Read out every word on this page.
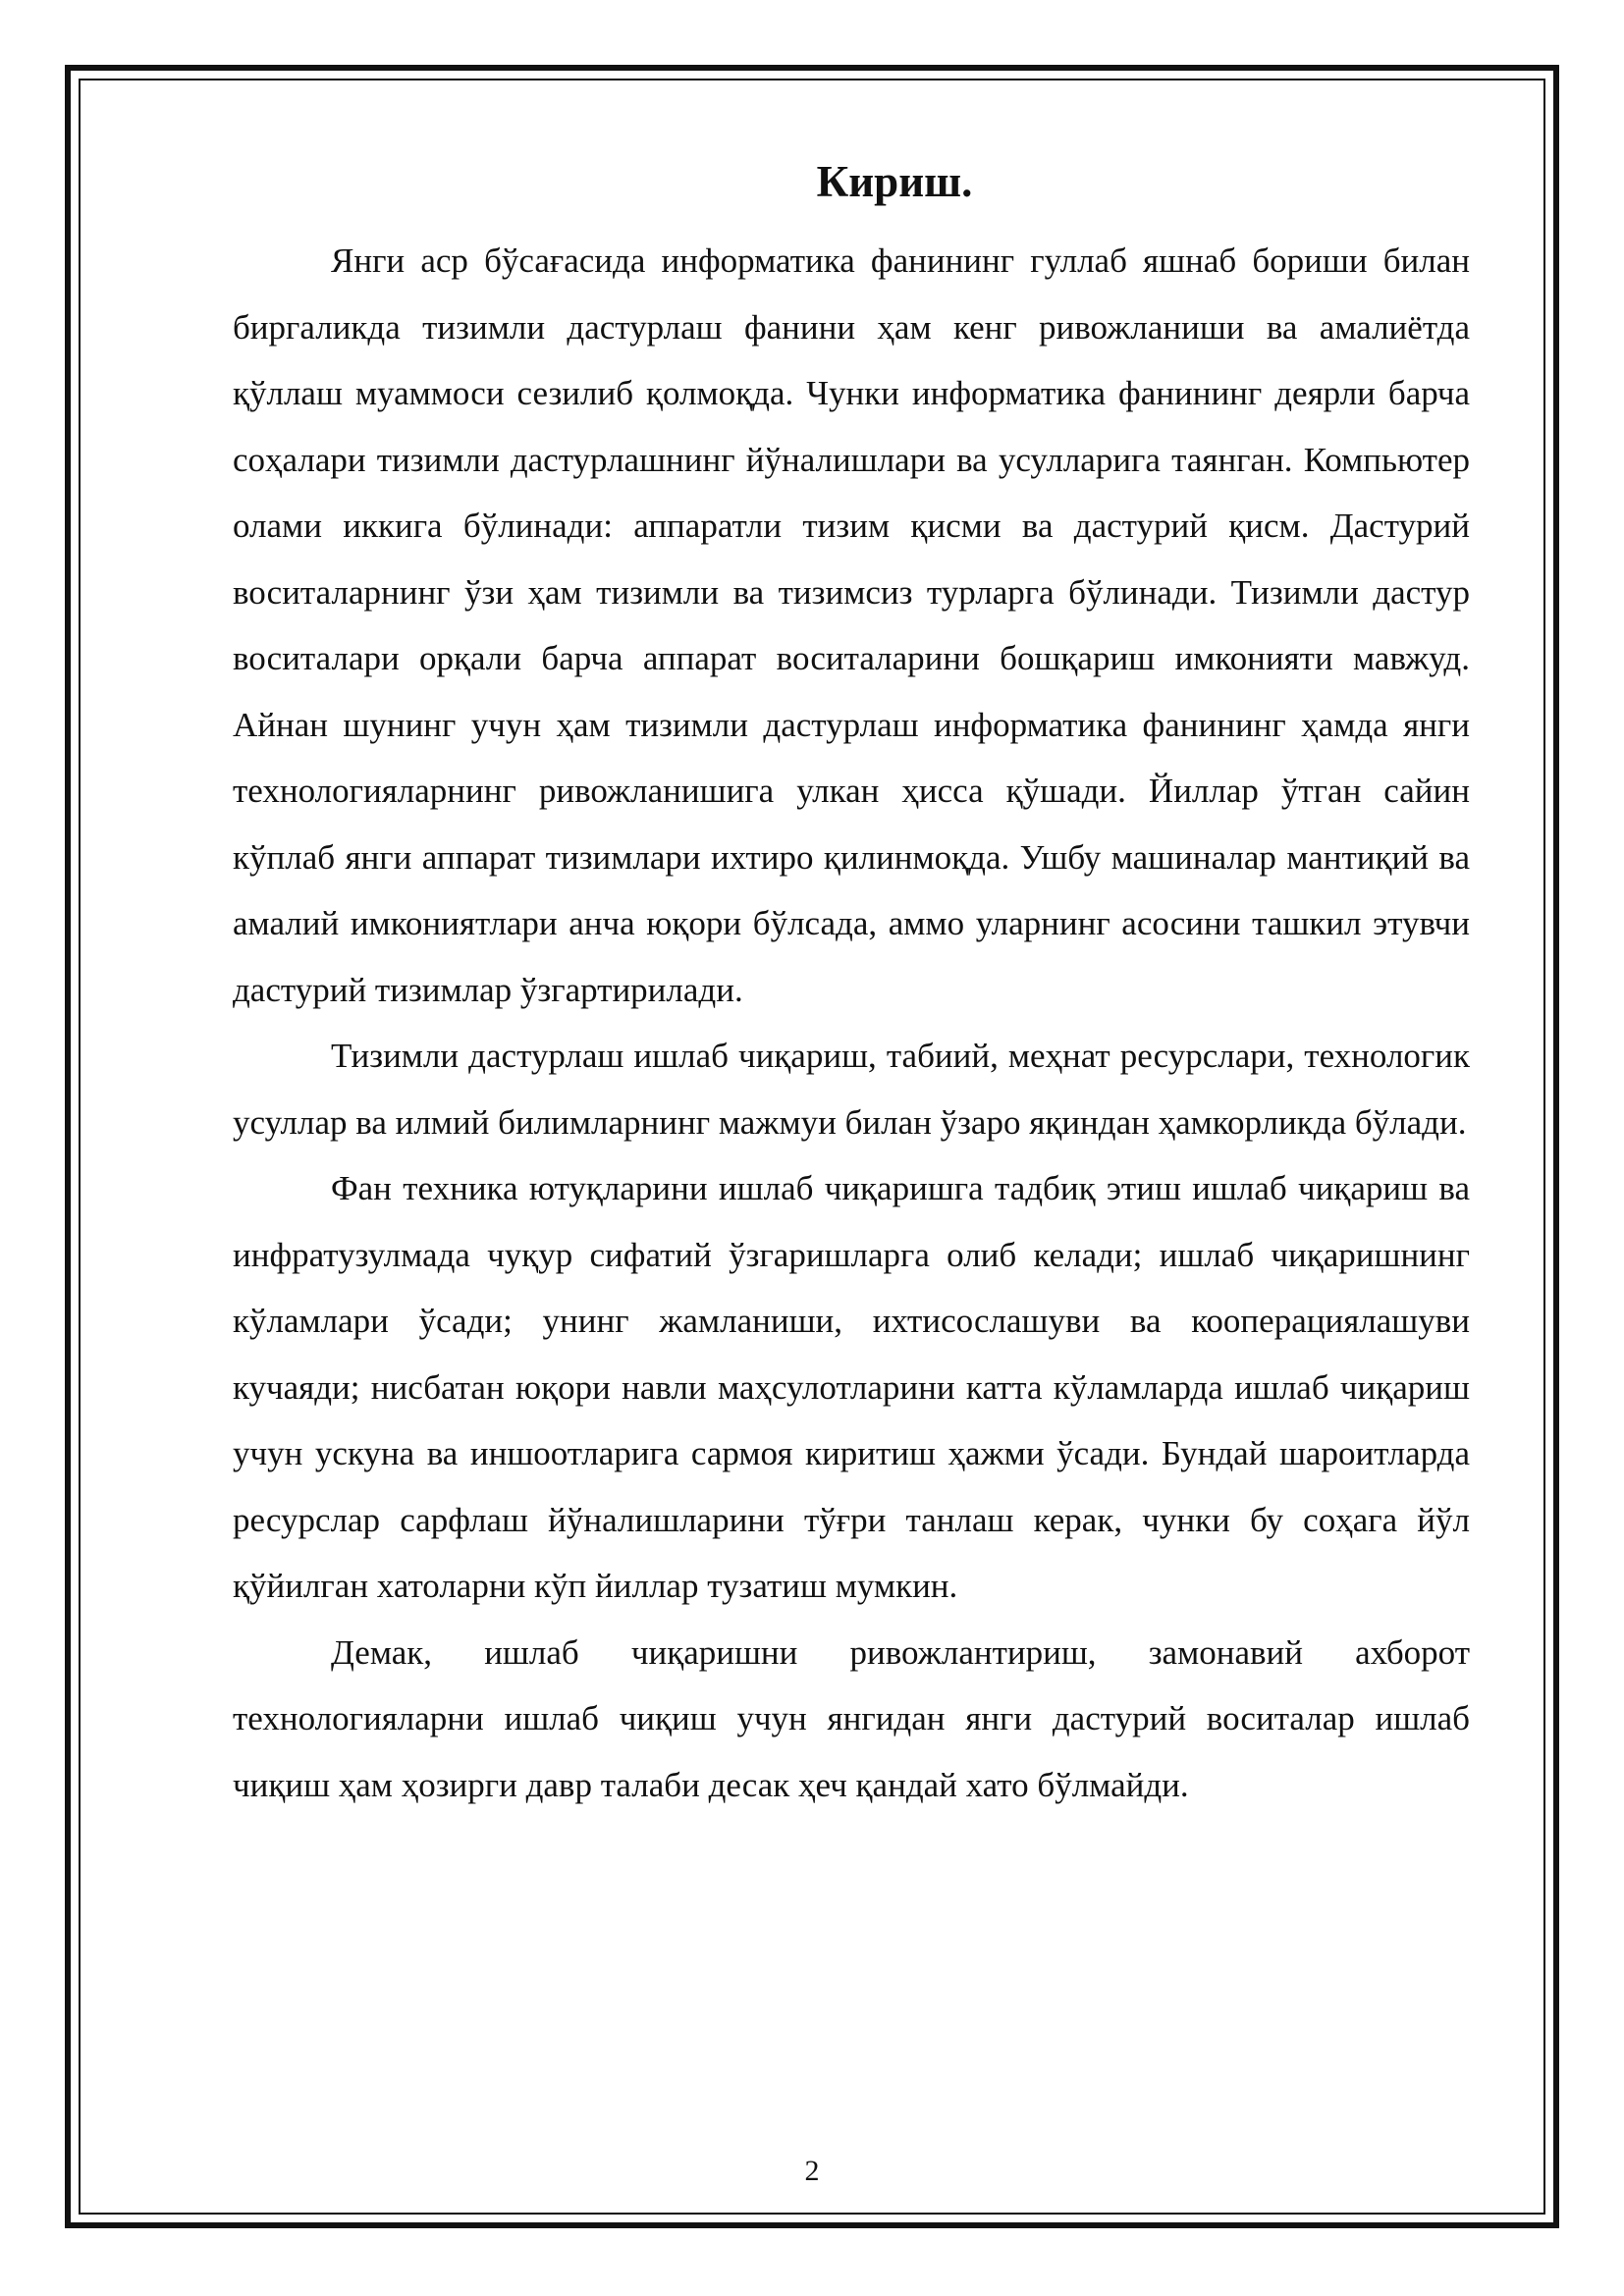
Кириш.

Янги аср бўсағасида информатика фанининг гуллаб яшнаб бориши билан биргаликда тизимли дастурлаш фанини ҳам кенг ривожланиши ва амалиётда қўллаш муаммоси сезилиб қолмоқда. Чунки информатика фанининг деярли барча соҳалари тизимли дастурлашнинг йўналишлари ва усулларига таянган. Компьютер олами иккига бўлинади: аппаратли тизим қисми ва дастурий қисм. Дастурий воситаларнинг ўзи ҳам тизимли ва тизимсиз турларга бўлинади. Тизимли дастур воситалари орқали барча аппарат воситаларини бошқариш имконияти мавжуд. Айнан шунинг учун ҳам тизимли дастурлаш информатика фанининг ҳамда янги технологияларнинг ривожланишига улкан ҳисса қўшади. Йиллар ўтган сайин кўплаб янги аппарат тизимлари ихтиро қилинмоқда. Ушбу машиналар мантиқий ва амалий имкониятлари анча юқори бўлсада, аммо уларнинг асосини ташкил этувчи дастурий тизимлар ўзгартирилади.

Тизимли дастурлаш ишлаб чиқариш, табиий, меҳнат ресурслари, технологик усуллар ва илмий билимларнинг мажмуи билан ўзаро яқиндан ҳамкорликда бўлади.

Фан техника ютуқларини ишлаб чиқаришга тадбиқ этиш ишлаб чиқариш ва инфратузулмада чуқур сифатий ўзгаришларга олиб келади; ишлаб чиқаришнинг кўламлари ўсади; унинг жамланиши, ихтисослашуви ва кооперациялашуви кучаяди; нисбатан юқори навли маҳсулотларини катта кўламларда ишлаб чиқариш учун ускуна ва иншоотларига сармоя киритиш ҳажми ўсади. Бундай шароитларда ресурслар сарфлаш йўналишларини тўғри танлаш керак, чунки бу соҳага йўл қўйилган хатоларни кўп йиллар тузатиш мумкин.

Демак, ишлаб чиқаришни ривожлантириш, замонавий ахборот технологияларни ишлаб чиқиш учун янгидан янги дастурий воситалар ишлаб чиқиш ҳам ҳозирги давр талаби десак ҳеч қандай хато бўлмайди.

2
